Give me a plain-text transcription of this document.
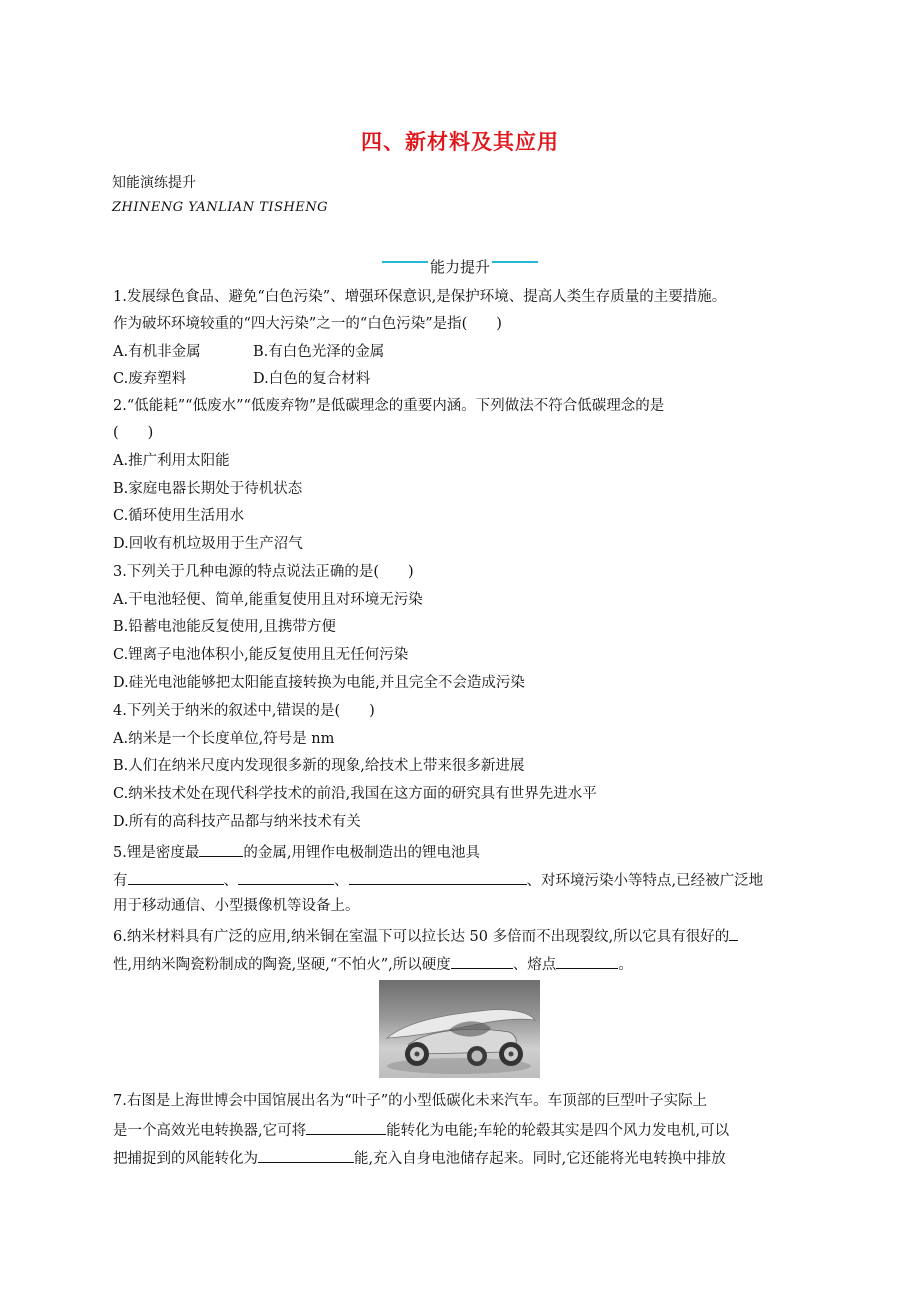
四、新材料及其应用
知能演练提升
ZHINENG YANLIAN TISHENG
能力提升
1.发展绿色食品、避免“白色污染”、增强环保意识,是保护环境、提高人类生存质量的主要措施。
作为破坏环境较重的“四大污染”之一的“白色污染”是指(　　)
A.有机非金属	B.有白色光泽的金属
C.废弃塑料	D.白色的复合材料
2.“低能耗”“低废水”“低废弃物”是低碳理念的重要内涵。下列做法不符合低碳理念的是
(　　)
A.推广利用太阳能
B.家庭电器长期处于待机状态
C.循环使用生活用水
D.回收有机垃圾用于生产沼气
3.下列关于几种电源的特点说法正确的是(　　)
A.干电池轻便、简单,能重复使用且对环境无污染
B.铅蓄电池能反复使用,且携带方便
C.锂离子电池体积小,能反复使用且无任何污染
D.硅光电池能够把太阳能直接转换为电能,并且完全不会造成污染
4.下列关于纳米的叙述中,错误的是(　　)
A.纳米是一个长度单位,符号是 nm
B.人们在纳米尺度内发现很多新的现象,给技术上带来很多新进展
C.纳米技术处在现代科学技术的前沿,我国在这方面的研究具有世界先进水平
D.所有的高科技产品都与纳米技术有关
5.锂是密度最	的金属,用锂作电极制造出的锂电池具
有	、	、	、对环境污染小等特点,已经被广泛地
用于移动通信、小型摄像机等设备上。
6.纳米材料具有广泛的应用,纳米铜在室温下可以拉长达 50 多倍而不出现裂纹,所以它具有很好的
性,用纳米陶瓷粉制成的陶瓷,坚硬,“不怕火”,所以硬度	、熔点	。
7.右图是上海世博会中国馆展出名为“叶子”的小型低碳化未来汽车。车顶部的巨型叶子实际上
是一个高效光电转换器,它可将	能转化为电能;车轮的轮毂其实是四个风力发电机,可以
把捕捉到的风能转化为	能,充入自身电池储存起来。同时,它还能将光电转换中排放
